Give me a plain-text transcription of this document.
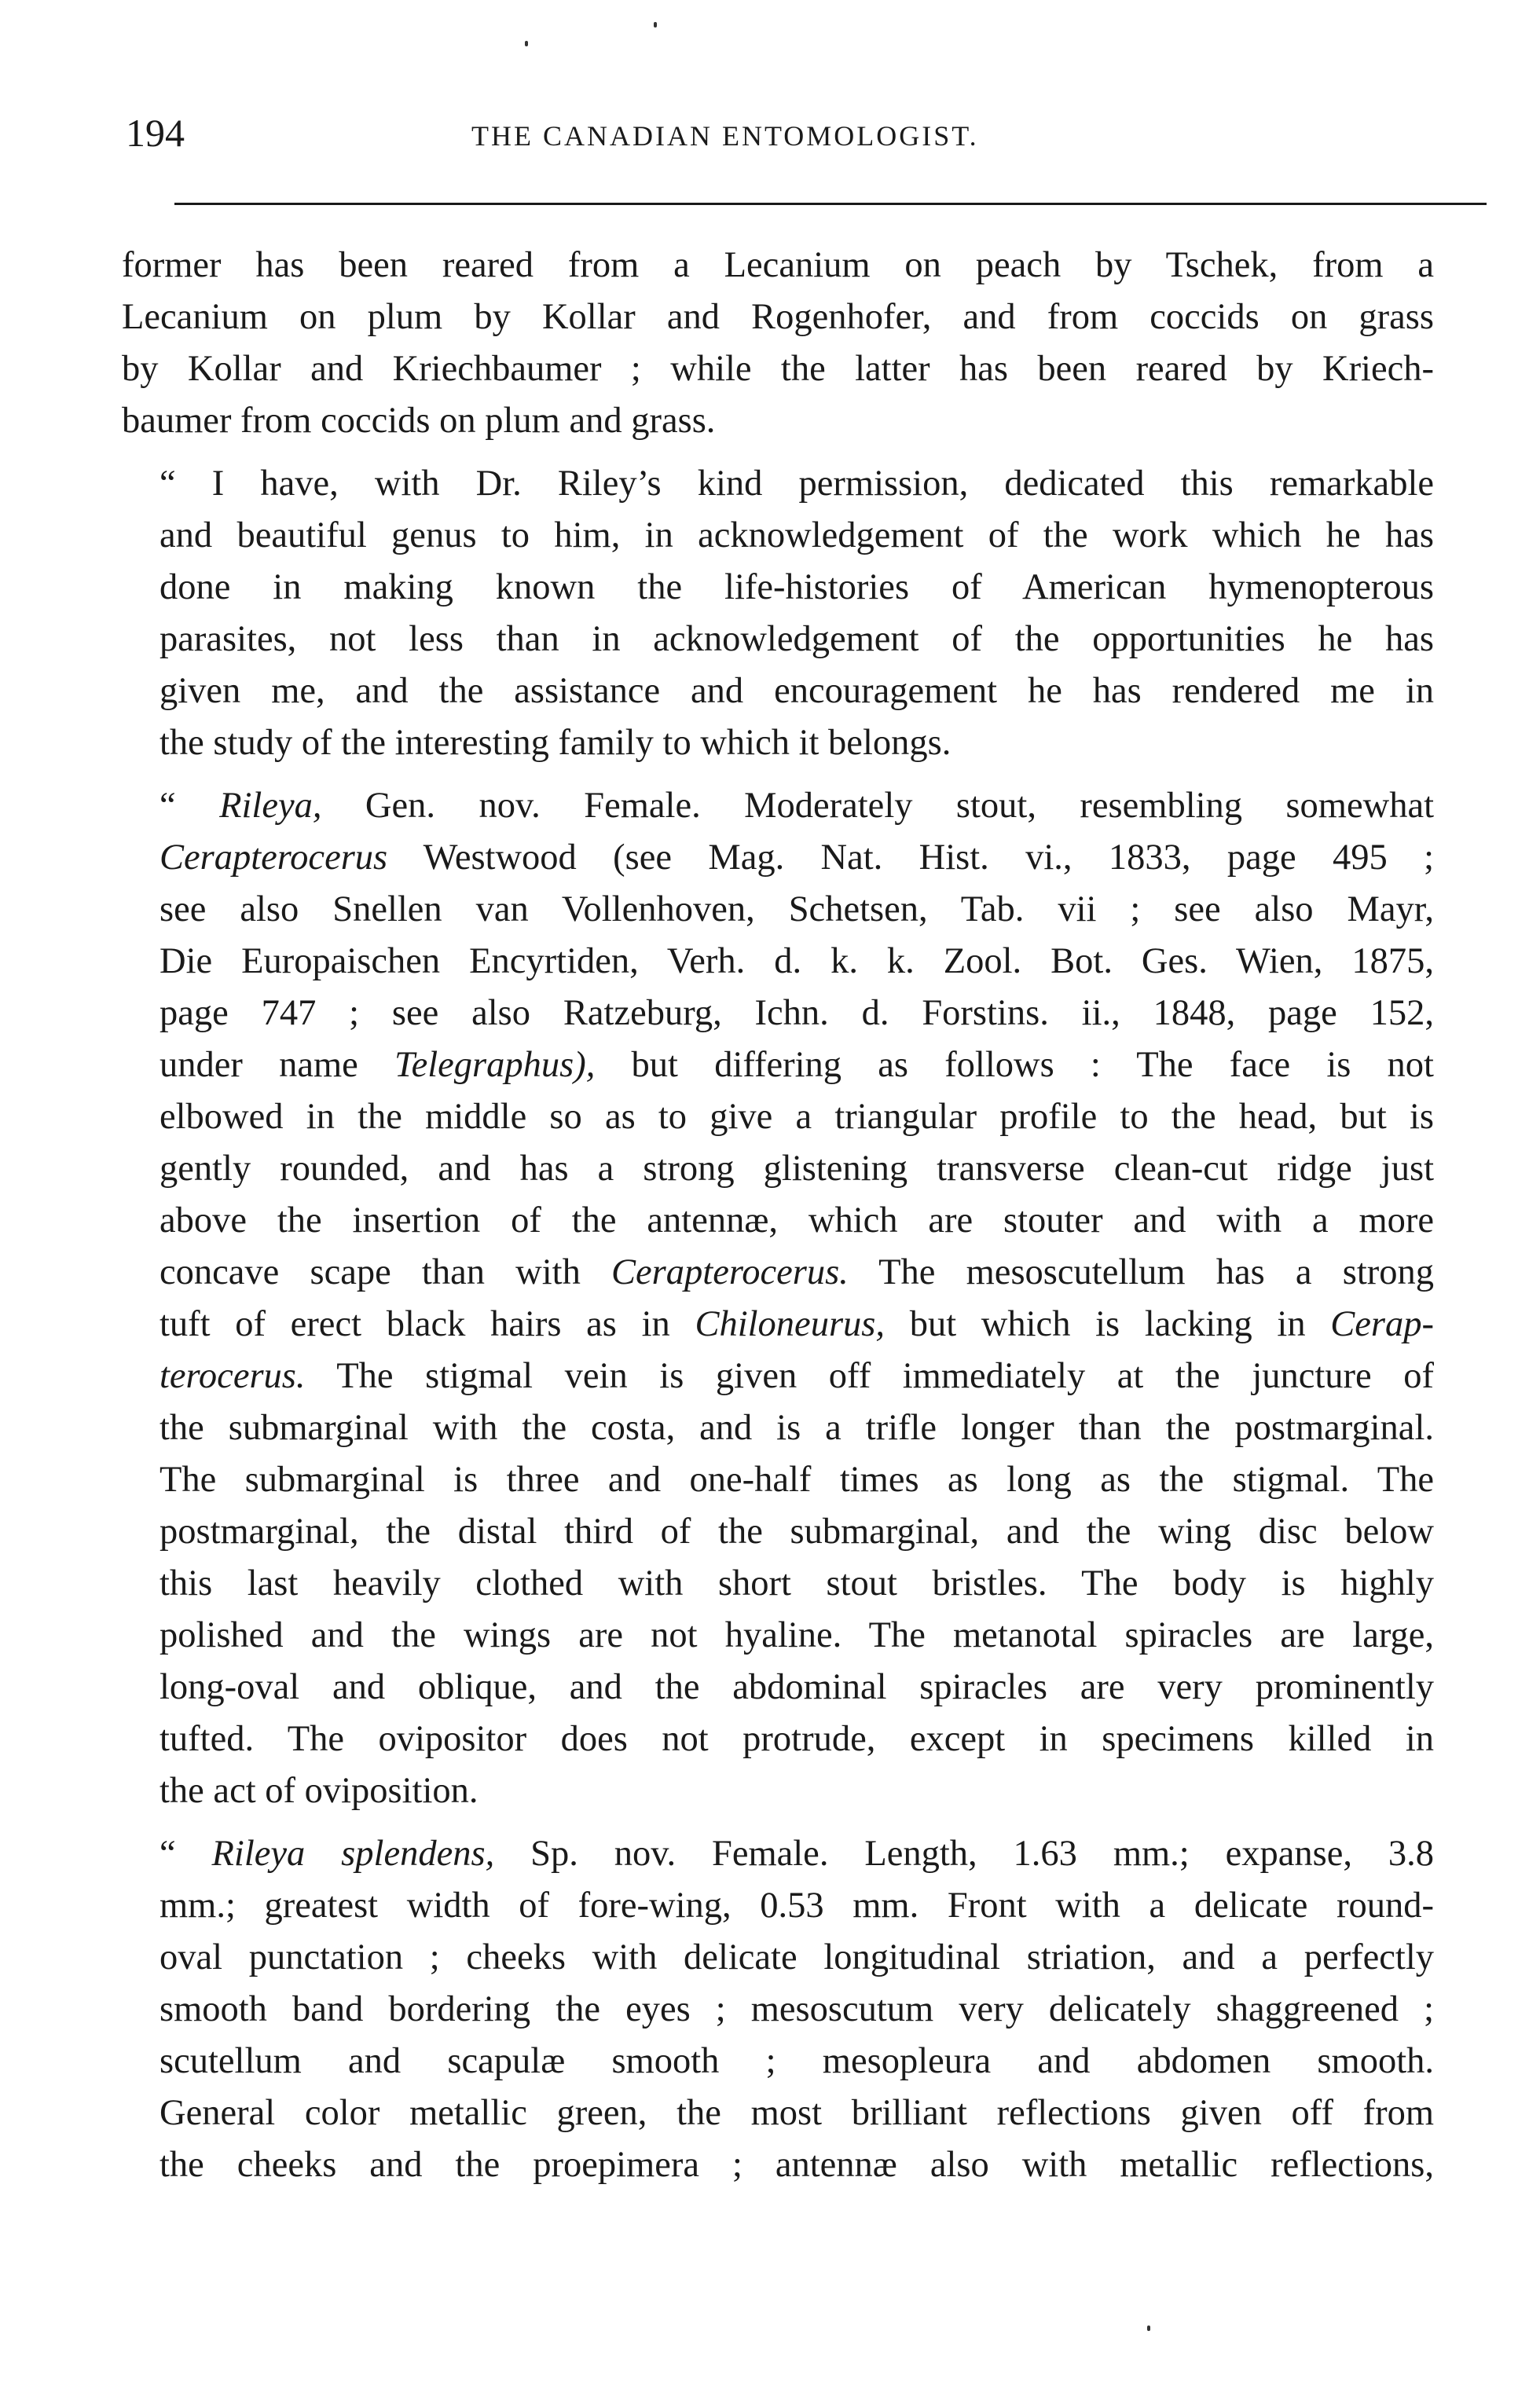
194	THE CANADIAN ENTOMOLOGIST.

former has been reared from a Lecanium on peach by Tschek, from a
Lecanium on plum by Kollar and Rogenhofer, and from coccids on grass
by Kollar and Kriechbaumer ; while the latter has been reared by Kriech-
baumer from coccids on plum and grass.

“ I have, with Dr. Riley’s kind permission, dedicated this remarkable
and beautiful genus to him, in acknowledgement of the work which he has
done in making known the life-histories of American hymenopterous
parasites, not less than in acknowledgement of the opportunities he has
given me, and the assistance and encouragement he has rendered me in
the study of the interesting family to which it belongs.

“ Rileya, Gen. nov. Female. Moderately stout, resembling somewhat
Cerapterocerus Westwood (see Mag. Nat. Hist. vi., 1833, page 495 ;
see also Snellen van Vollenhoven, Schetsen, Tab. vii ; see also Mayr,
Die Europaischen Encyrtiden, Verh. d. k. k. Zool. Bot. Ges. Wien, 1875,
page 747 ; see also Ratzeburg, Ichn. d. Forstins. ii., 1848, page 152,
under name Telegraphus), but differing as follows : The face is not
elbowed in the middle so as to give a triangular profile to the head, but is
gently rounded, and has a strong glistening transverse clean-cut ridge just
above the insertion of the antennæ, which are stouter and with a more
concave scape than with Cerapterocerus. The mesoscutellum has a strong
tuft of erect black hairs as in Chiloneurus, but which is lacking in Cerap-
terocerus. The stigmal vein is given off immediately at the juncture of
the submarginal with the costa, and is a trifle longer than the postmarginal.
The submarginal is three and one-half times as long as the stigmal. The
postmarginal, the distal third of the submarginal, and the wing disc below
this last heavily clothed with short stout bristles. The body is highly
polished and the wings are not hyaline. The metanotal spiracles are large,
long-oval and oblique, and the abdominal spiracles are very prominently
tufted. The ovipositor does not protrude, except in specimens killed in
the act of oviposition.

“ Rileya splendens, Sp. nov. Female. Length, 1.63 mm.; expanse, 3.8
mm.; greatest width of fore-wing, 0.53 mm. Front with a delicate round-
oval punctation ; cheeks with delicate longitudinal striation, and a perfectly
smooth band bordering the eyes ; mesoscutum very delicately shaggreened ;
scutellum and scapulæ smooth ; mesopleura and abdomen smooth.
General color metallic green, the most brilliant reflections given off from
the cheeks and the proepimera ; antennæ also with metallic reflections,
